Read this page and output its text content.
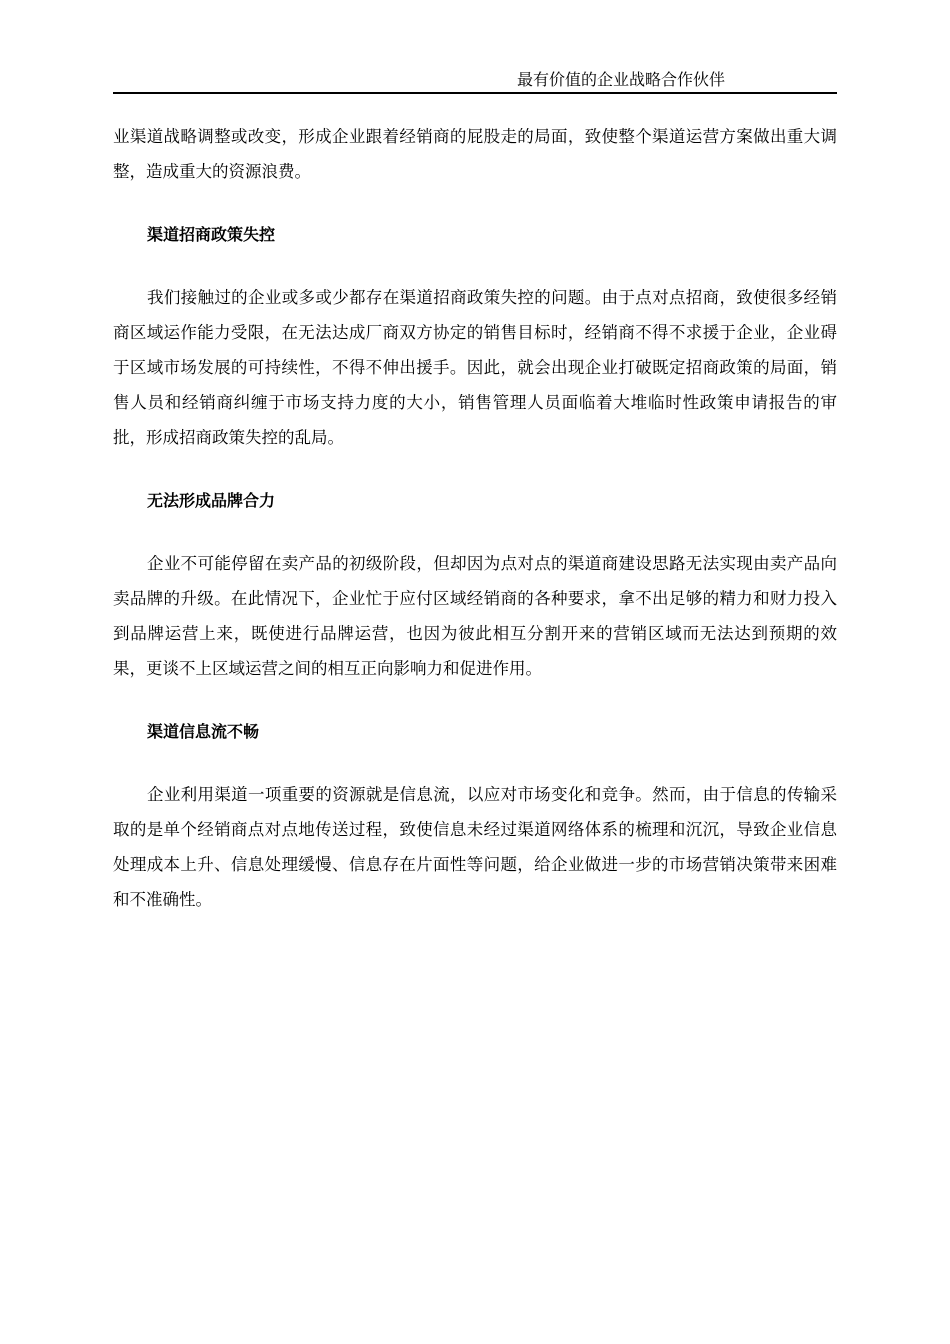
最有价值的企业战略合作伙伴

业渠道战略调整或改变，形成企业跟着经销商的屁股走的局面，致使整个渠道运营方案做出重大调整，造成重大的资源浪费。

渠道招商政策失控

我们接触过的企业或多或少都存在渠道招商政策失控的问题。由于点对点招商，致使很多经销商区域运作能力受限，在无法达成厂商双方协定的销售目标时，经销商不得不求援于企业，企业碍于区域市场发展的可持续性，不得不伸出援手。因此，就会出现企业打破既定招商政策的局面，销售人员和经销商纠缠于市场支持力度的大小，销售管理人员面临着大堆临时性政策申请报告的审批，形成招商政策失控的乱局。

无法形成品牌合力

企业不可能停留在卖产品的初级阶段，但却因为点对点的渠道商建设思路无法实现由卖产品向卖品牌的升级。在此情况下，企业忙于应付区域经销商的各种要求，拿不出足够的精力和财力投入到品牌运营上来，既使进行品牌运营，也因为彼此相互分割开来的营销区域而无法达到预期的效果，更谈不上区域运营之间的相互正向影响力和促进作用。

渠道信息流不畅

企业利用渠道一项重要的资源就是信息流，以应对市场变化和竞争。然而，由于信息的传输采取的是单个经销商点对点地传送过程，致使信息未经过渠道网络体系的梳理和沉沉，导致企业信息处理成本上升、信息处理缓慢、信息存在片面性等问题，给企业做进一步的市场营销决策带来困难和不准确性。
